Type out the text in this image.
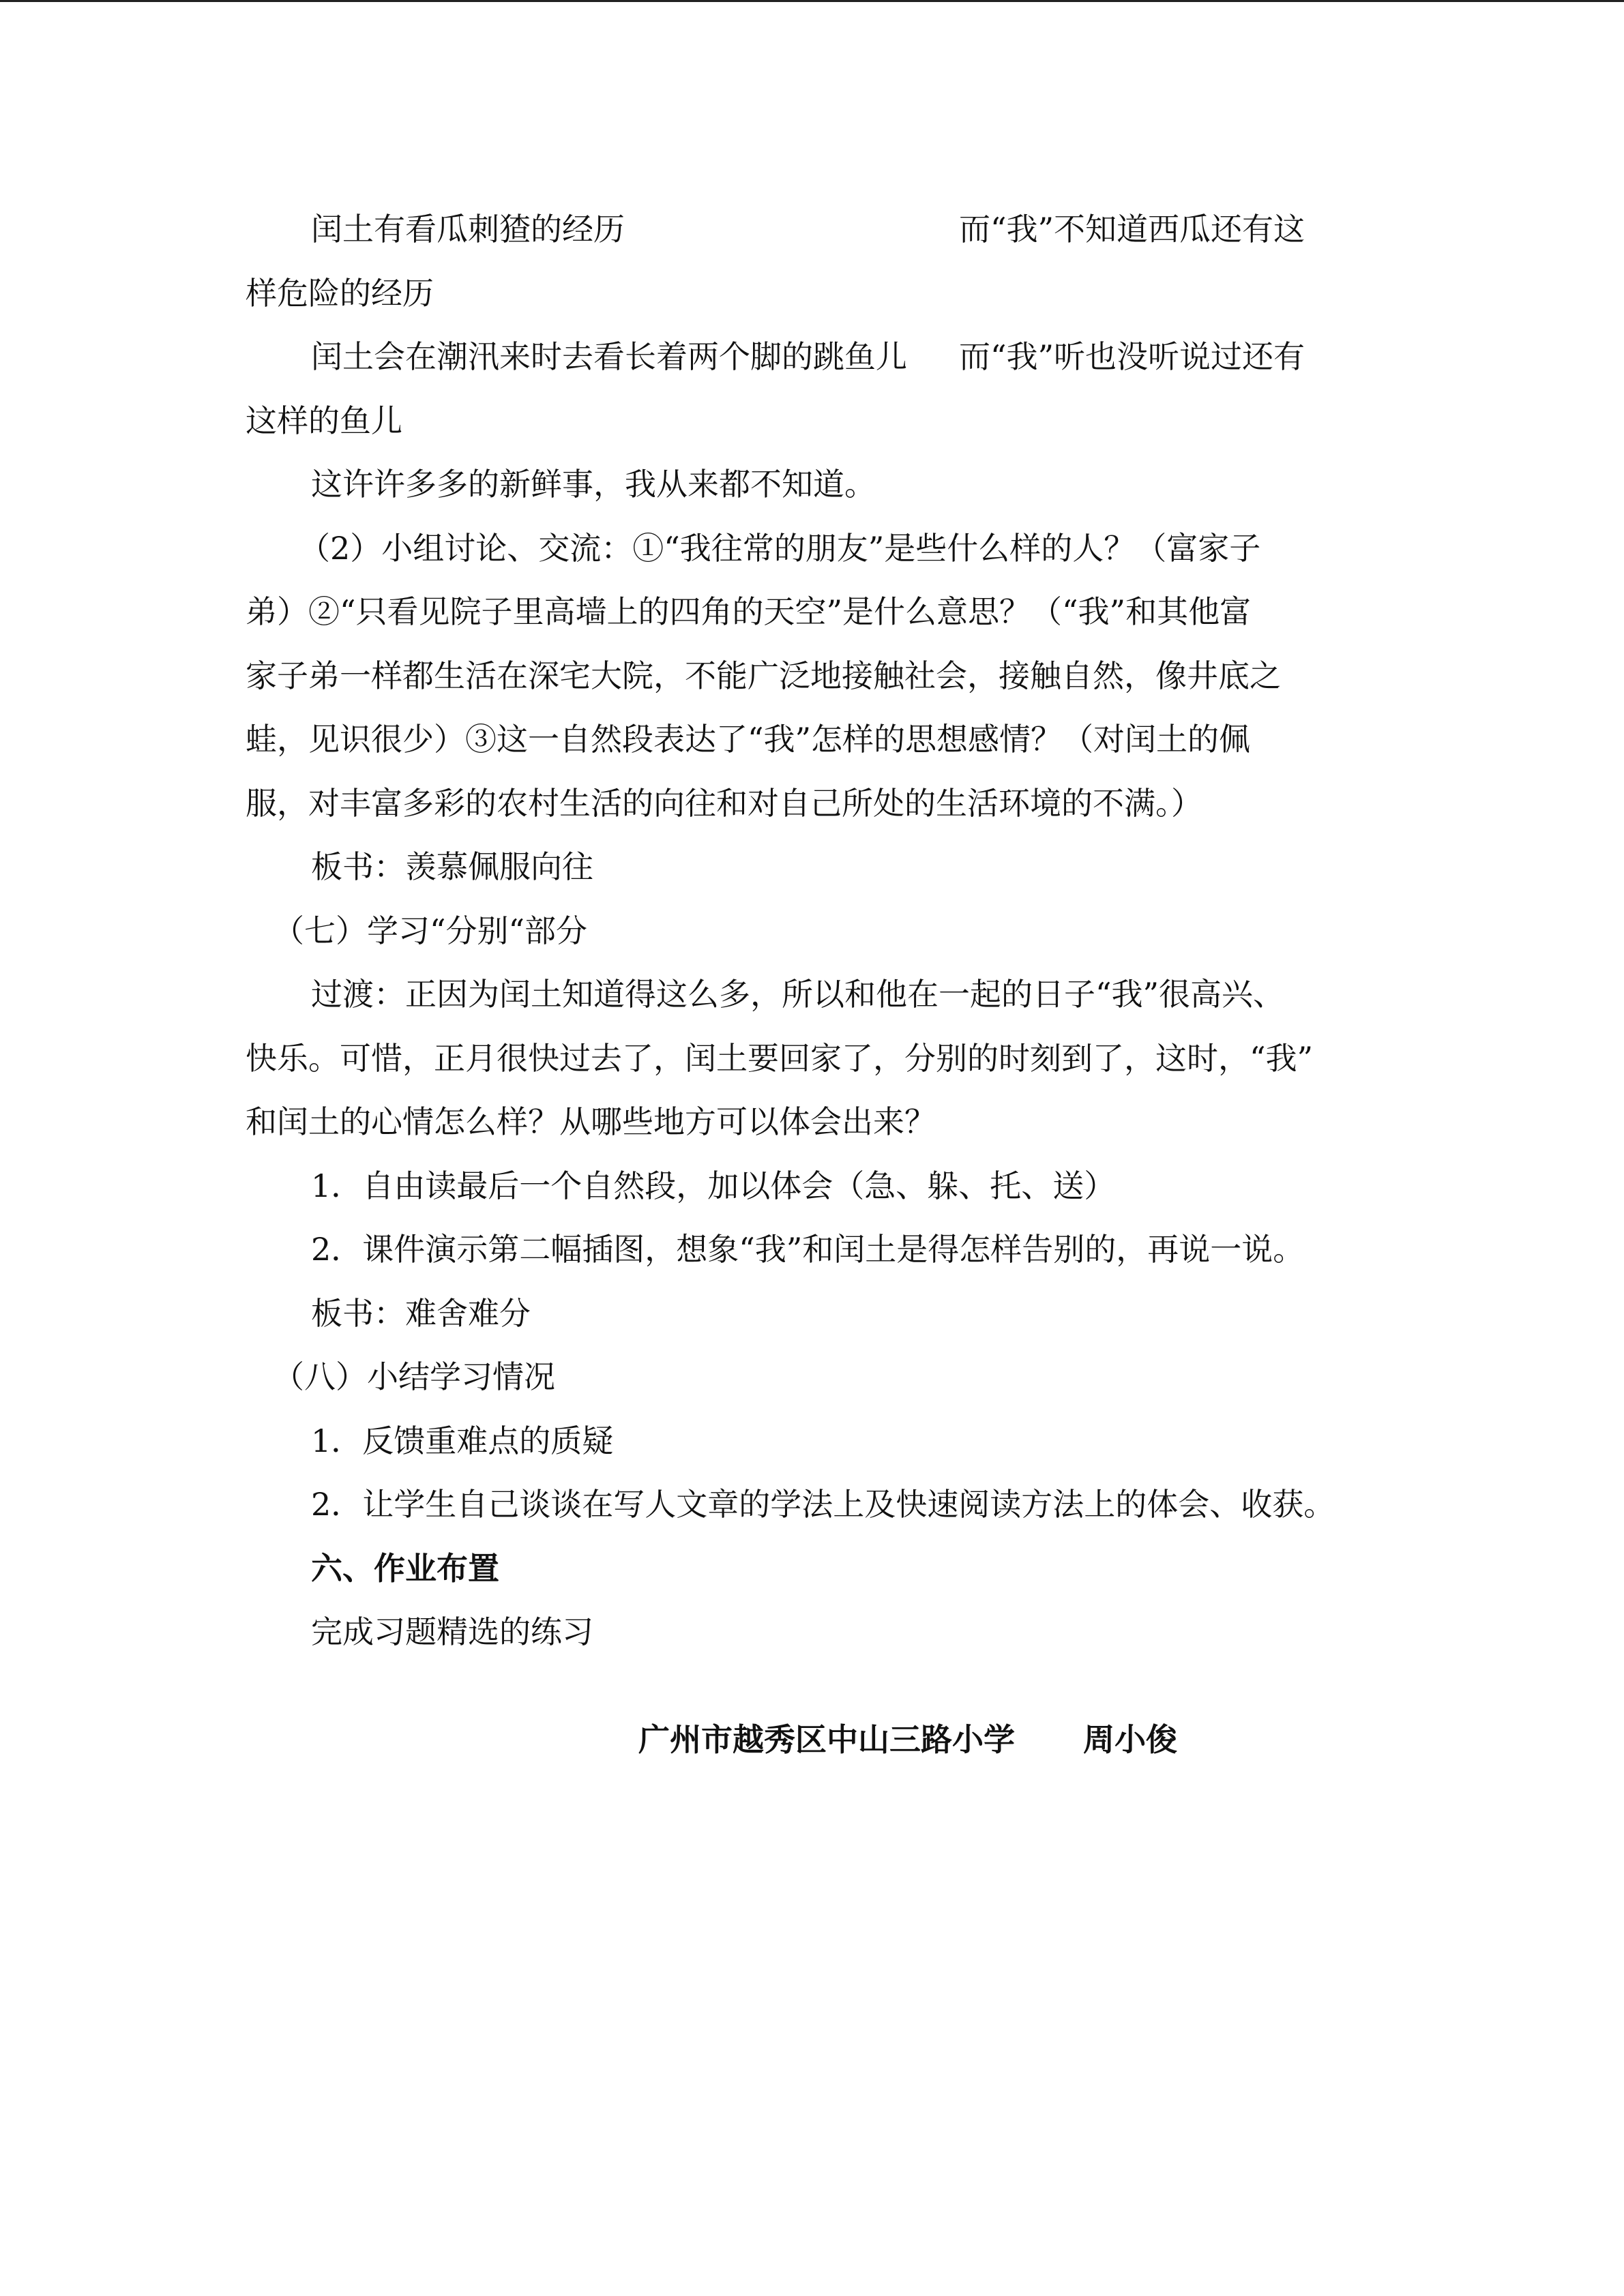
闰土有看瓜刺猹的经历	而“我”不知道西瓜还有这
样危险的经历
闰土会在潮汛来时去看长着两个脚的跳鱼儿 而“我”听也没听说过还有
这样的鱼儿
这许许多多的新鲜事，我从来都不知道。
（2）小组讨论、交流：①“我往常的朋友”是些什么样的人？（富家子
弟）②“只看见院子里高墙上的四角的天空”是什么意思？（“我”和其他富
家子弟一样都生活在深宅大院，不能广泛地接触社会，接触自然，像井底之
蛙，见识很少）③这一自然段表达了“我”怎样的思想感情？（对闰土的佩
服，对丰富多彩的农村生活的向往和对自己所处的生活环境的不满。）
板书：羡慕佩服向往
（七）学习“分别“部分
过渡：正因为闰土知道得这么多，所以和他在一起的日子“我”很高兴、
快乐。可惜，正月很快过去了，闰土要回家了，分别的时刻到了，这时，“我”
和闰土的心情怎么样？从哪些地方可以体会出来？
1．自由读最后一个自然段，加以体会（急、躲、托、送）
2．课件演示第二幅插图，想象“我”和闰土是得怎样告别的，再说一说。
板书：难舍难分
（八）小结学习情况
1．反馈重难点的质疑
2．让学生自己谈谈在写人文章的学法上及快速阅读方法上的体会、收获。
六、作业布置
完成习题精选的练习
广州市越秀区中山三路小学 周小俊
